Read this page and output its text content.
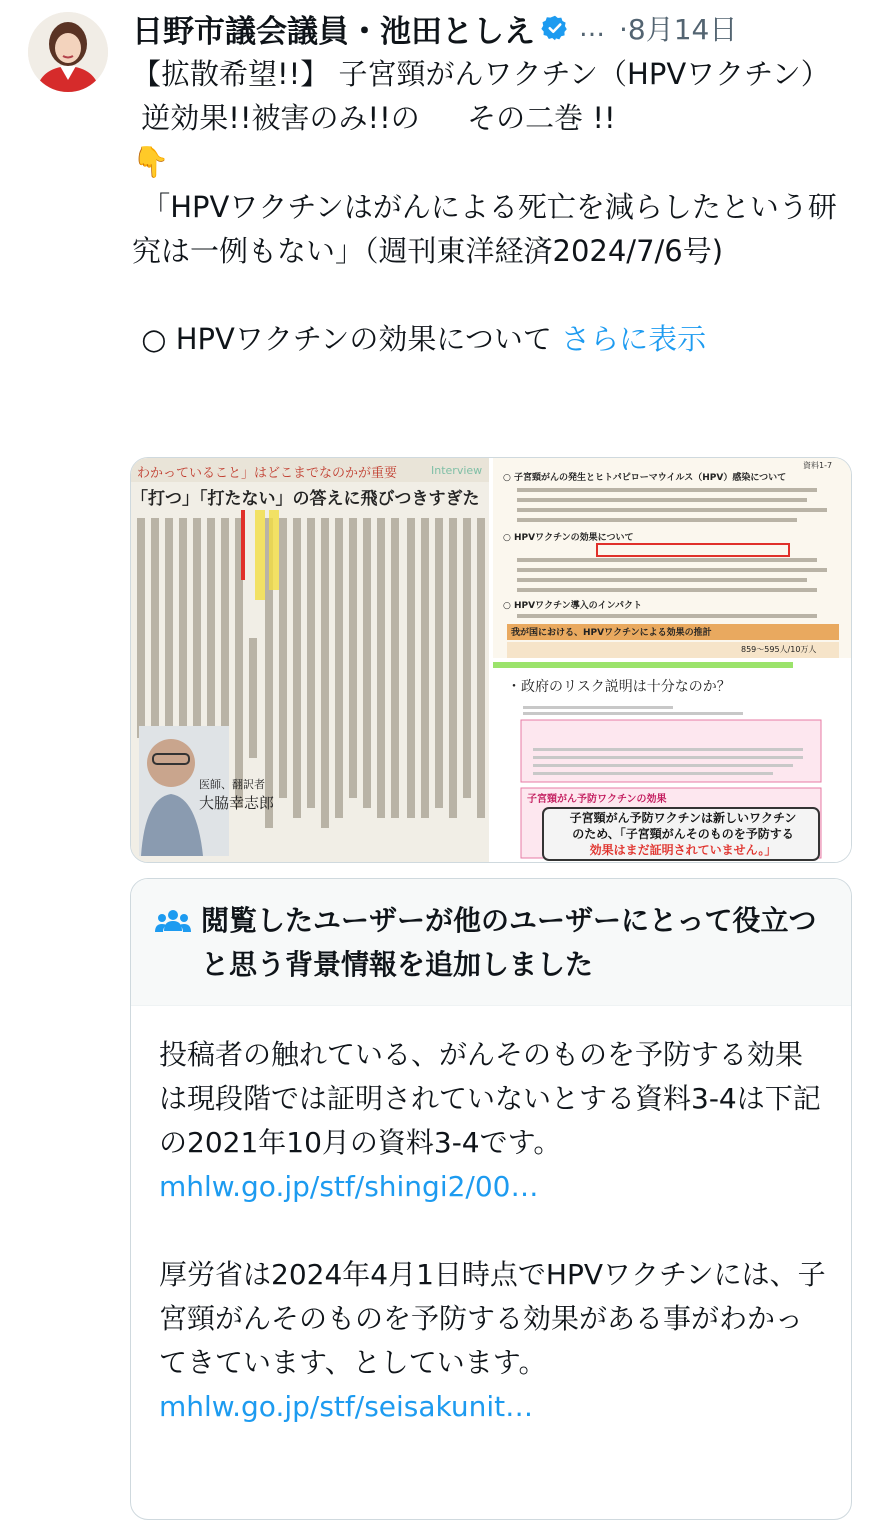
日野市議会議員・池田としえ … ·8月14日

【拡散希望!!】 子宮頸がんワクチン（HPVワクチン）

逆効果!!被害のみ!!の　  その二巻 !!

👇

「HPVワクチンはがんによる死亡を減らしたという研究は一例もない」（週刊東洋経済2024/7/6号)

○ HPVワクチンの効果について さらに表示

わかっていること」はどこまでなのかが重要	Interview
「打つ」「打たない」の答えに飛びつきすぎた
医師、翻訳者
大脇幸志郎
資料1-7
○ 子宮頸がんの発生とヒトパピローマウイルス（HPV）感染について
○ HPVワクチンの効果について
○ HPVワクチン導入のインパクト
我が国における、HPVワクチンによる効果の推計
859～595人/10万人
・政府のリスク説明は十分なのか？
子宮頸がん予防ワクチンの効果
子宮頸がん予防ワクチンは新しいワクチン
のため、「子宮頸がんそのものを予防する
効果はまだ証明されていません。」
閲覧したユーザーが他のユーザーにとって役立つと思う背景情報を追加しました

投稿者の触れている、がんそのものを予防する効果は現段階では証明されていないとする資料3-4は下記の2021年10月の資料3-4です。

mhlw.go.jp/stf/shingi2/00…

厚労省は2024年4月1日時点でHPVワクチンには、子宮頸がんそのものを予防する効果がある事がわかってきています、としています。mhlw.go.jp/stf/seisakunit…
